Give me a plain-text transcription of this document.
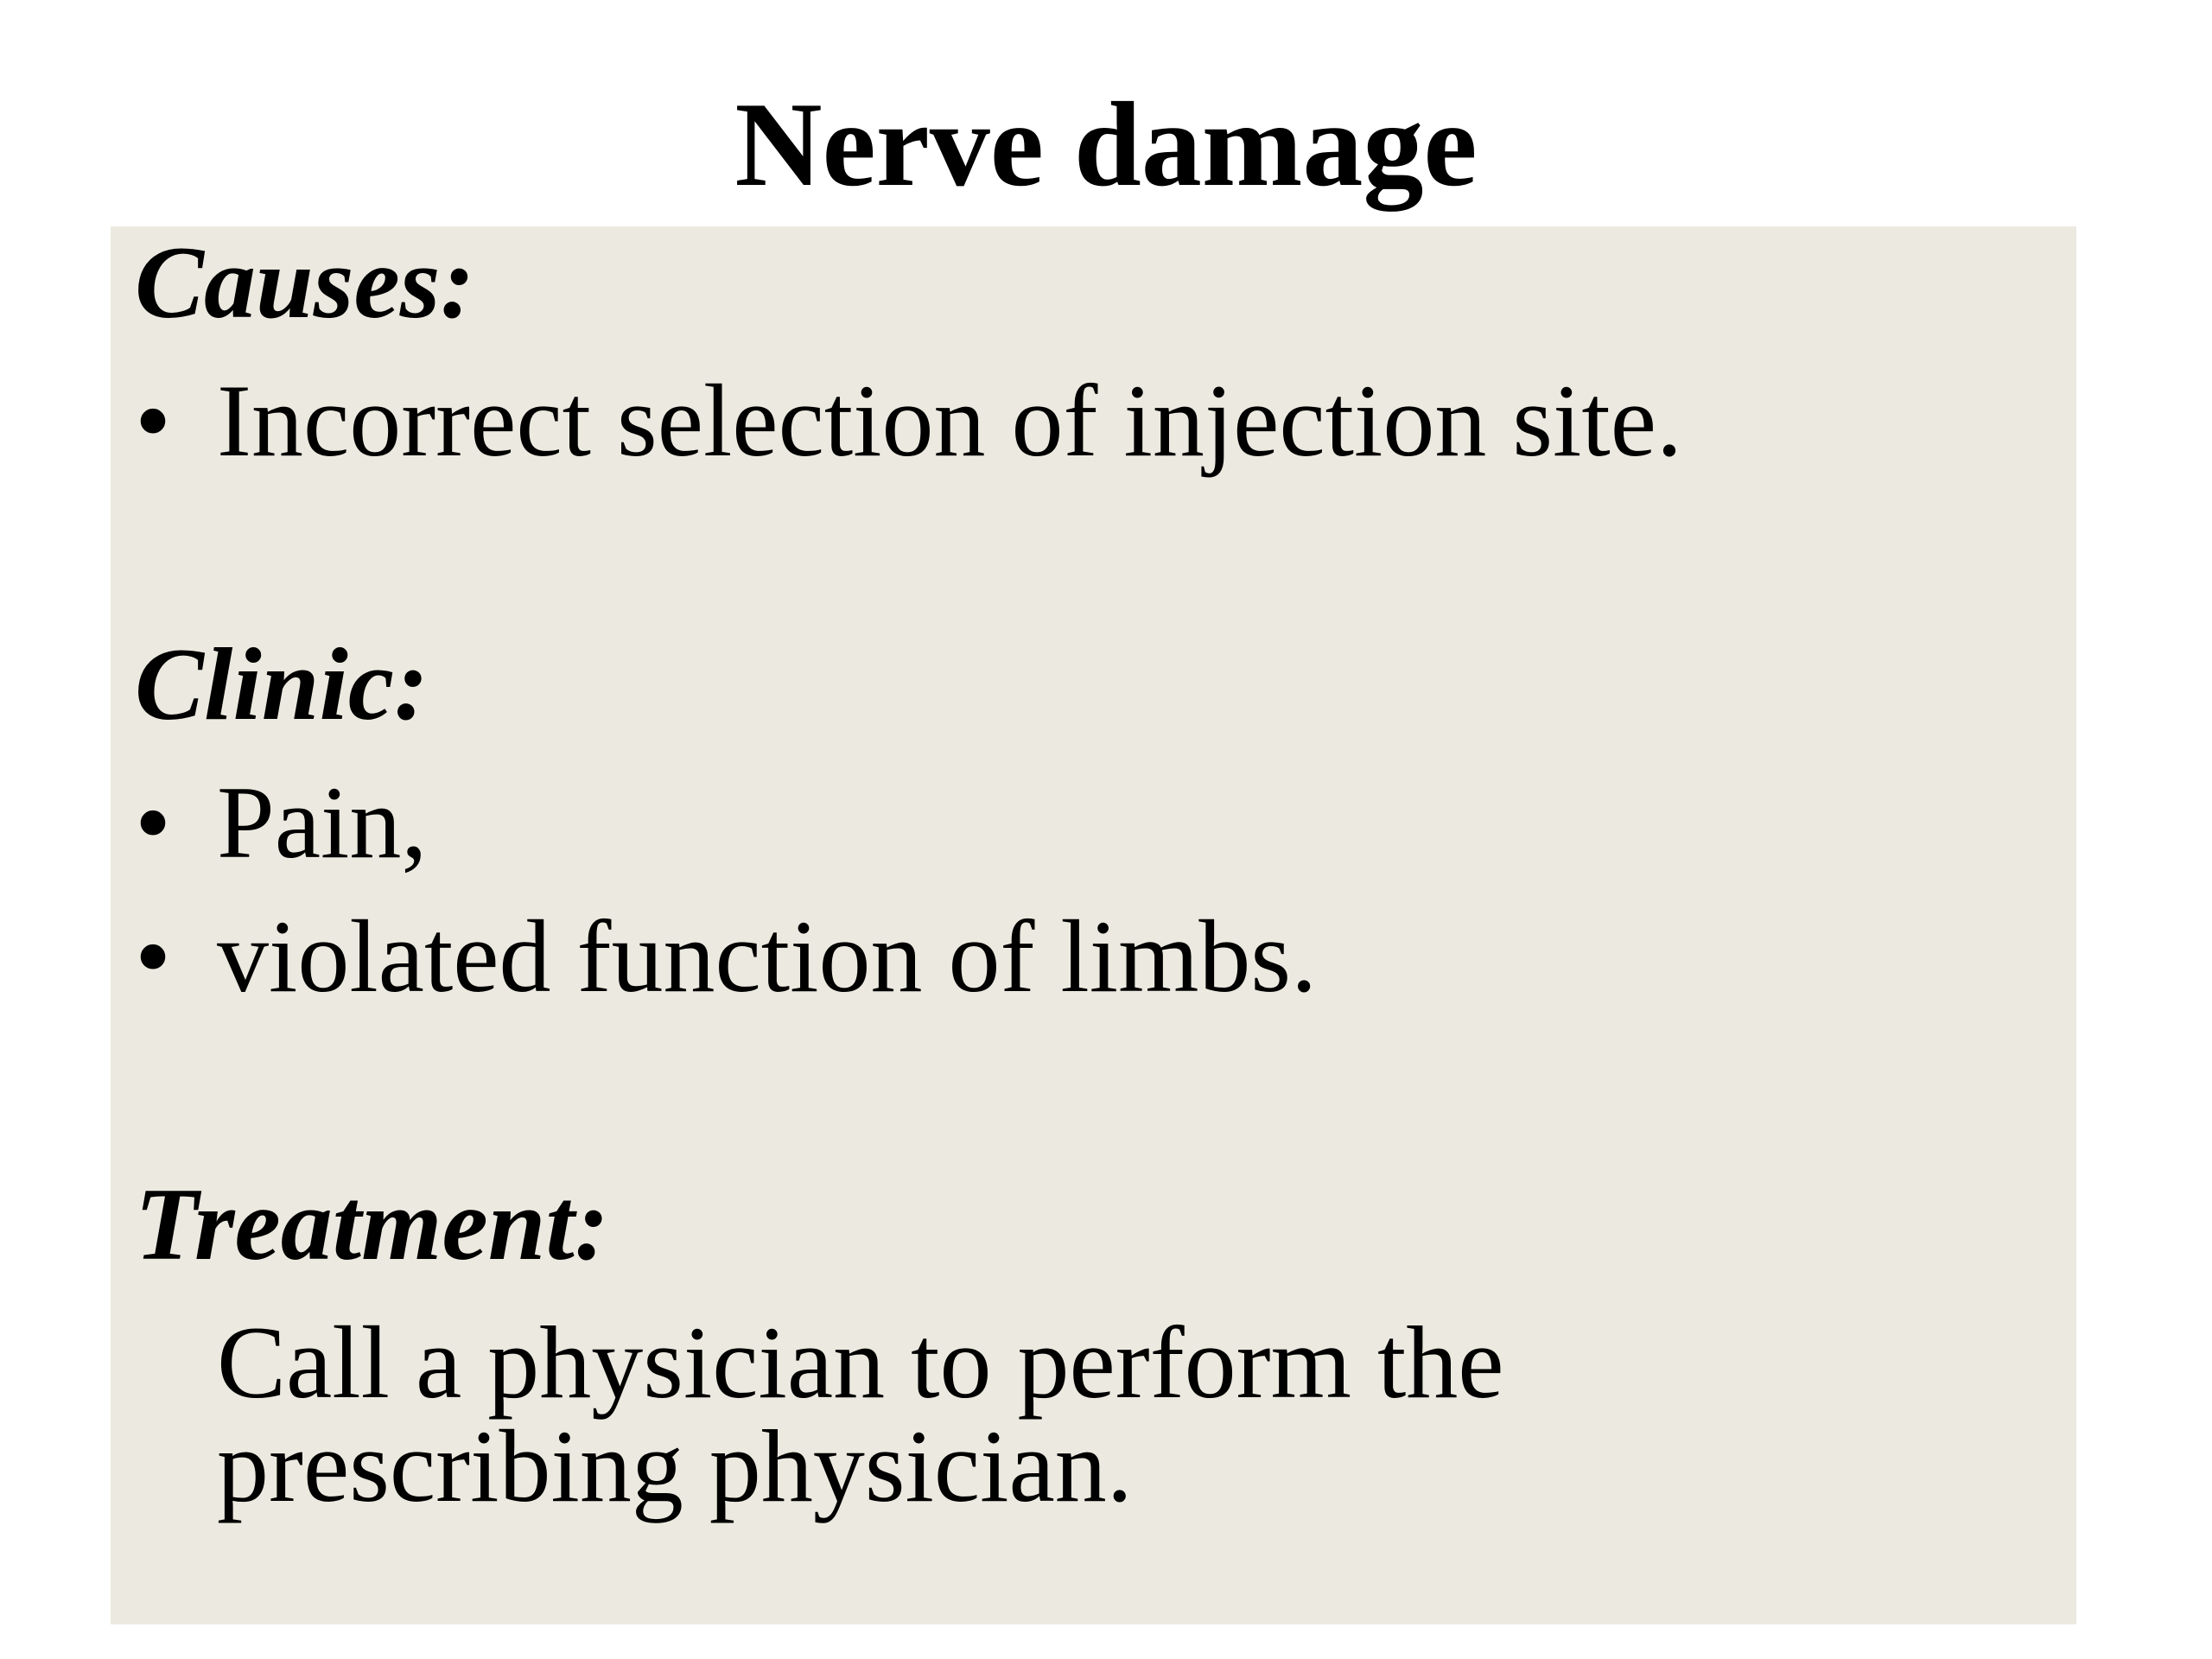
Nerve damage
Causes:
• Incorrect selection of injection site.
Clinic:
• Pain,
• violated function of limbs.
Treatment:
Call a physician to perform the
prescribing physician.
